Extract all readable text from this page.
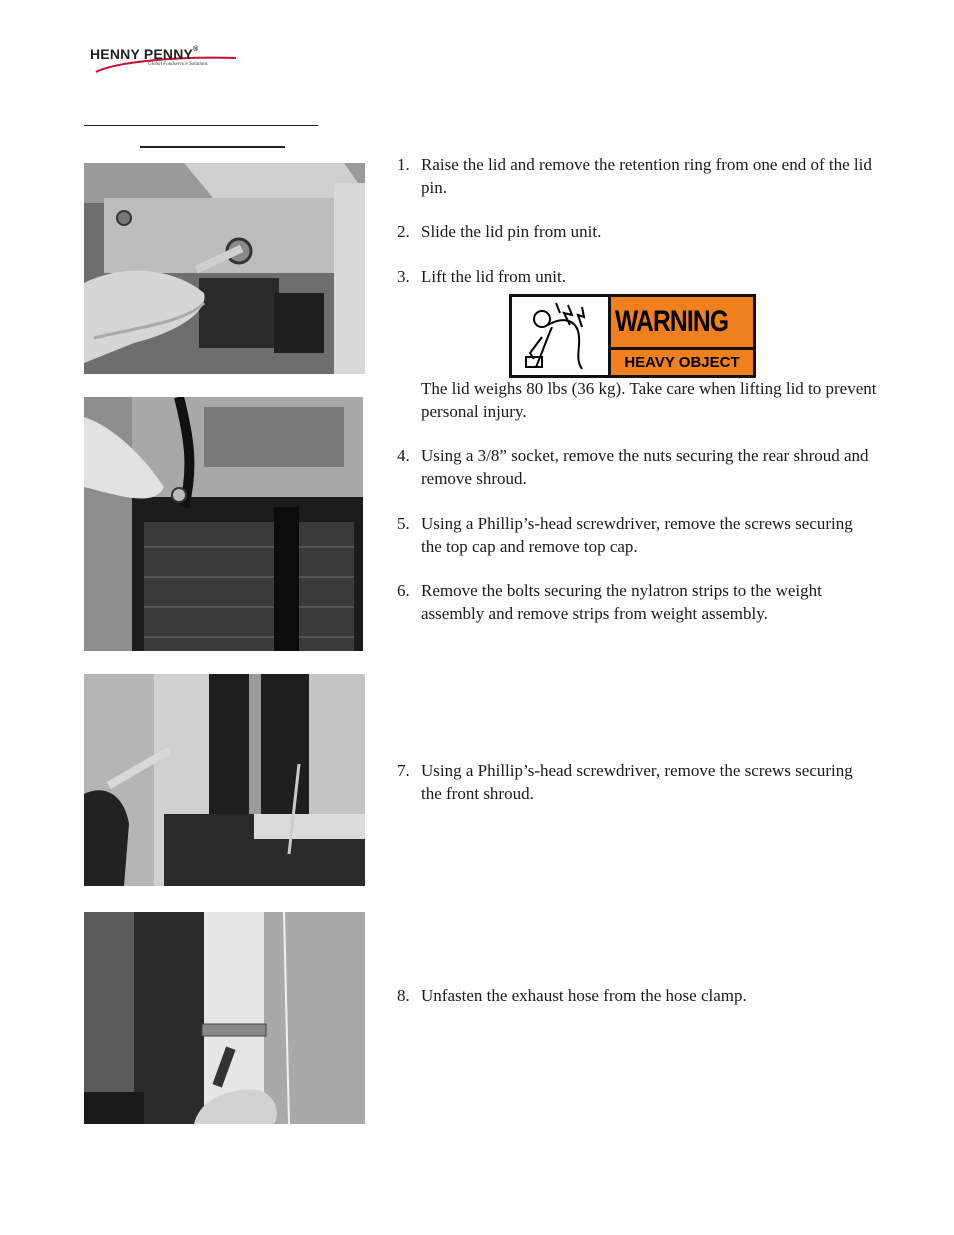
HENNY PENNY®
Global Foodservice Solutions

1. Raise the lid and remove the retention ring from one end of the lid pin.

2. Slide the lid pin from unit.

3. Lift the lid from unit.

WARNING
HEAVY OBJECT

The lid weighs 80 lbs (36 kg). Take care when lifting lid to prevent personal injury.

4. Using a 3/8” socket, remove the nuts securing the rear shroud and remove shroud.

5. Using a Phillip’s-head screwdriver, remove the screws securing the top cap and remove top cap.

6. Remove the bolts securing the nylatron strips to the weight assembly and remove strips from weight assembly.

7. Using a Phillip’s-head screwdriver, remove the screws securing the front shroud.

8. Unfasten the exhaust hose from the hose clamp.
